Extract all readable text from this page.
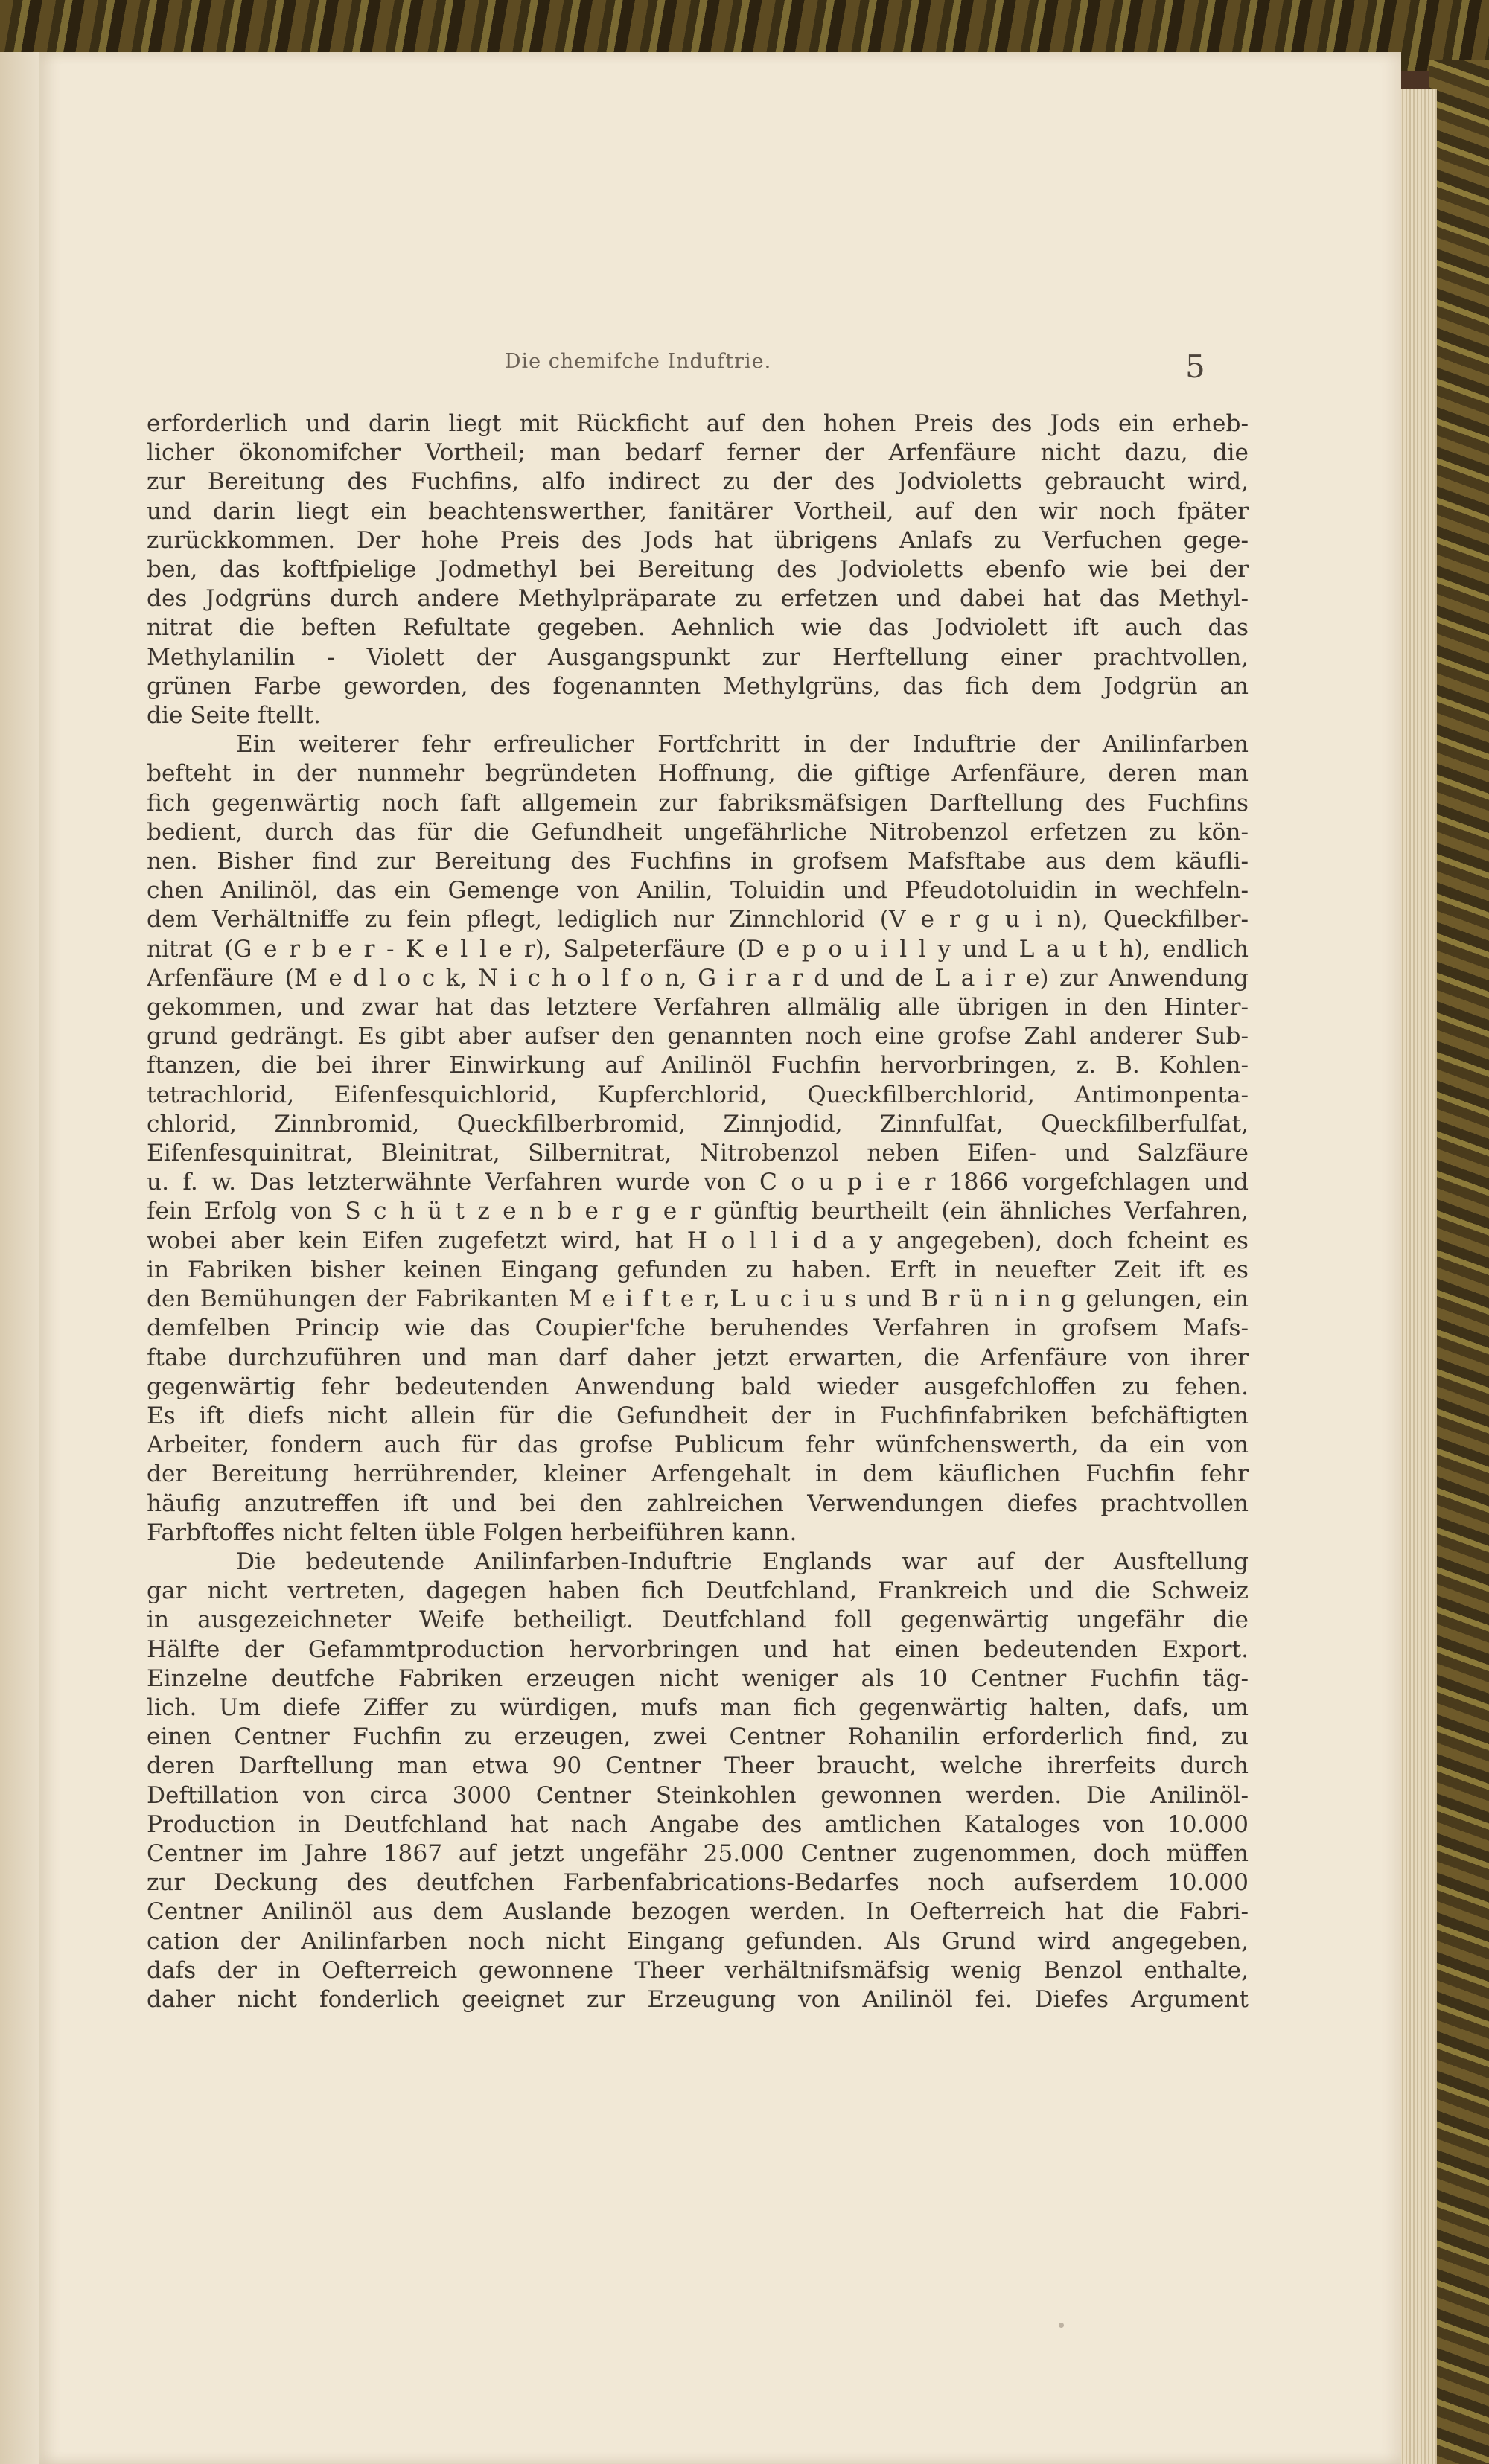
Die chemifche Induftrie.	5
erforderlich und darin liegt mit Rückficht auf den hohen Preis des Jods ein erheb-
licher ökonomifcher Vortheil; man bedarf ferner der Arfenfäure nicht dazu, die
zur Bereitung des Fuchfins, alfo indirect zu der des Jodvioletts gebraucht wird,
und darin liegt ein beachtenswerther, fanitärer Vortheil, auf den wir noch fpäter
zurückkommen. Der hohe Preis des Jods hat übrigens Anlafs zu Verfuchen gege-
ben, das koftfpielige Jodmethyl bei Bereitung des Jodvioletts ebenfo wie bei der
des Jodgrüns durch andere Methylpräparate zu erfetzen und dabei hat das Methyl-
nitrat die beften Refultate gegeben. Aehnlich wie das Jodviolett ift auch das
Methylanilin - Violett der Ausgangspunkt zur Herftellung einer prachtvollen,
grünen Farbe geworden, des fogenannten Methylgrüns, das fich dem Jodgrün an
die Seite ftellt.
Ein weiterer fehr erfreulicher Fortfchritt in der Induftrie der Anilinfarben
befteht in der nunmehr begründeten Hoffnung, die giftige Arfenfäure, deren man
fich gegenwärtig noch faft allgemein zur fabriksmäfsigen Darftellung des Fuchfins
bedient, durch das für die Gefundheit ungefährliche Nitrobenzol erfetzen zu kön-
nen. Bisher find zur Bereitung des Fuchfins in grofsem Mafsftabe aus dem käufli-
chen Anilinöl, das ein Gemenge von Anilin, Toluidin und Pfeudotoluidin in wechfeln-
dem Verhältniffe zu fein pflegt, lediglich nur Zinnchlorid (V e r g u i n), Queckfilber-
nitrat (G e r b e r - K e l l e r), Salpeterfäure (D e p o u i l l y und L a u t h), endlich
Arfenfäure (M e d l o c k, N i c h o l f o n, G i r a r d und de L a i r e) zur Anwendung
gekommen, und zwar hat das letztere Verfahren allmälig alle übrigen in den Hinter-
grund gedrängt. Es gibt aber aufser den genannten noch eine grofse Zahl anderer Sub-
ftanzen, die bei ihrer Einwirkung auf Anilinöl Fuchfin hervorbringen, z. B. Kohlen-
tetrachlorid, Eifenfesquichlorid, Kupferchlorid, Queckfilberchlorid, Antimonpenta-
chlorid, Zinnbromid, Queckfilberbromid, Zinnjodid, Zinnfulfat, Queckfilberfulfat,
Eifenfesquinitrat, Bleinitrat, Silbernitrat, Nitrobenzol neben Eifen- und Salzfäure
u. f. w. Das letzterwähnte Verfahren wurde von C o u p i e r 1866 vorgefchlagen und
fein Erfolg von S c h ü t z e n b e r g e r günftig beurtheilt (ein ähnliches Verfahren,
wobei aber kein Eifen zugefetzt wird, hat H o l l i d a y angegeben), doch fcheint es
in Fabriken bisher keinen Eingang gefunden zu haben. Erft in neuefter Zeit ift es
den Bemühungen der Fabrikanten M e i f t e r, L u c i u s und B r ü n i n g gelungen, ein
demfelben Princip wie das Coupier'fche beruhendes Verfahren in grofsem Mafs-
ftabe durchzuführen und man darf daher jetzt erwarten, die Arfenfäure von ihrer
gegenwärtig fehr bedeutenden Anwendung bald wieder ausgefchloffen zu fehen.
Es ift diefs nicht allein für die Gefundheit der in Fuchfinfabriken befchäftigten
Arbeiter, fondern auch für das grofse Publicum fehr wünfchenswerth, da ein von
der Bereitung herrührender, kleiner Arfengehalt in dem käuflichen Fuchfin fehr
häufig anzutreffen ift und bei den zahlreichen Verwendungen diefes prachtvollen
Farbftoffes nicht felten üble Folgen herbeiführen kann.
Die bedeutende Anilinfarben-Induftrie Englands war auf der Ausftellung
gar nicht vertreten, dagegen haben fich Deutfchland, Frankreich und die Schweiz
in ausgezeichneter Weife betheiligt. Deutfchland foll gegenwärtig ungefähr die
Hälfte der Gefammtproduction hervorbringen und hat einen bedeutenden Export.
Einzelne deutfche Fabriken erzeugen nicht weniger als 10 Centner Fuchfin täg-
lich. Um diefe Ziffer zu würdigen, mufs man fich gegenwärtig halten, dafs, um
einen Centner Fuchfin zu erzeugen, zwei Centner Rohanilin erforderlich find, zu
deren Darftellung man etwa 90 Centner Theer braucht, welche ihrerfeits durch
Deftillation von circa 3000 Centner Steinkohlen gewonnen werden. Die Anilinöl-
Production in Deutfchland hat nach Angabe des amtlichen Kataloges von 10.000
Centner im Jahre 1867 auf jetzt ungefähr 25.000 Centner zugenommen, doch müffen
zur Deckung des deutfchen Farbenfabrications-Bedarfes noch aufserdem 10.000
Centner Anilinöl aus dem Auslande bezogen werden. In Oefterreich hat die Fabri-
cation der Anilinfarben noch nicht Eingang gefunden. Als Grund wird angegeben,
dafs der in Oefterreich gewonnene Theer verhältnifsmäfsig wenig Benzol enthalte,
daher nicht fonderlich geeignet zur Erzeugung von Anilinöl fei. Diefes Argument
